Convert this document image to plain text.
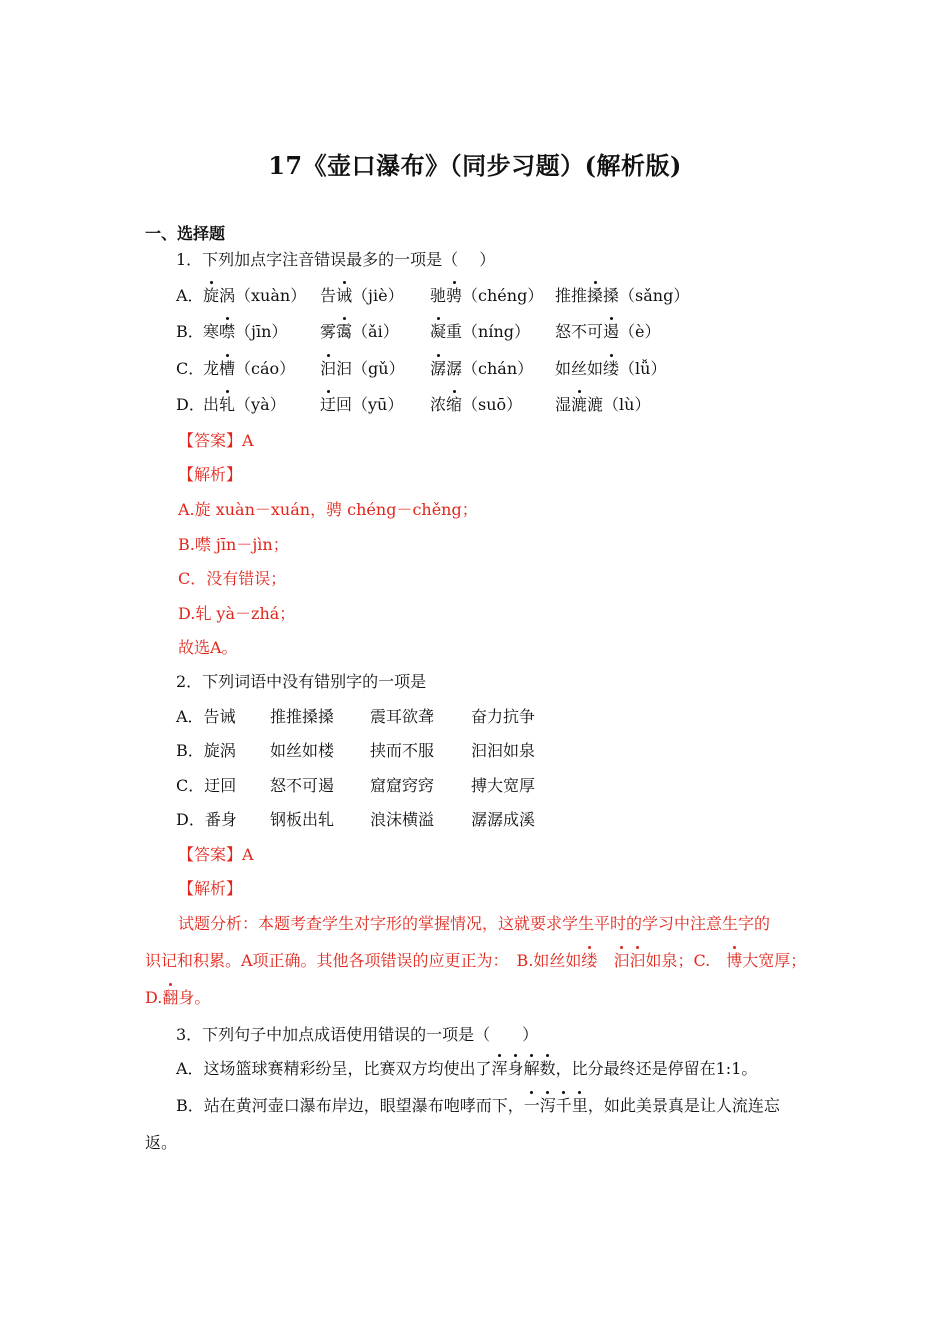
17《壶口瀑布》（同步习题）(解析版)
一、选择题
1．下列加点字注音错误最多的一项是（　 ）
A． 旋涡（xuàn） 告诫（jiè） 驰骋（chéng） 推推搡搡（sǎng）
B． 寒噤（jīn） 雾霭（ǎi） 凝重（níng） 怒不可遏（è）
C．
龙槽（cáo） 汩汩（gǔ） 潺潺（chán） 如丝如缕（lǚ）
D．
出轧（yà） 迂回（yū） 浓缩（suō） 湿漉漉（lù）
【答案】A
【解析】
A.旋 xuàn－xuán，骋 chéng－chěng；
B.噤 jīn－jìn；
C．没有错误；
D.轧 yà－zhá；
故选A。
2．下列词语中没有错别字的一项是
A．告诫 推推搡搡 震耳欲聋 奋力抗争
B．旋涡 如丝如楼 挟而不服 汩汩如泉
C．迂回 怒不可遏 窟窟窍窍 搏大宽厚
D．番身 钢板出轧 浪沫横溢 潺潺成溪
【答案】A
【解析】
试题分析：本题考查学生对字形的掌握情况，这就要求学生平时的学习中注意生字的
识记和积累。A项正确。其他各项错误的应更正为：　B.如丝如缕　 汩汩如泉；C.　博大宽厚；
D.翻身。
3．下列句子中加点成语使用错误的一项是（　　）
A．这场篮球赛精彩纷呈，比赛双方均使出了浑身解数，比分最终还是停留在1:1。
B．站在黄河壶口瀑布岸边，眼望瀑布咆哮而下，一泻千里，如此美景真是让人流连忘
返。
